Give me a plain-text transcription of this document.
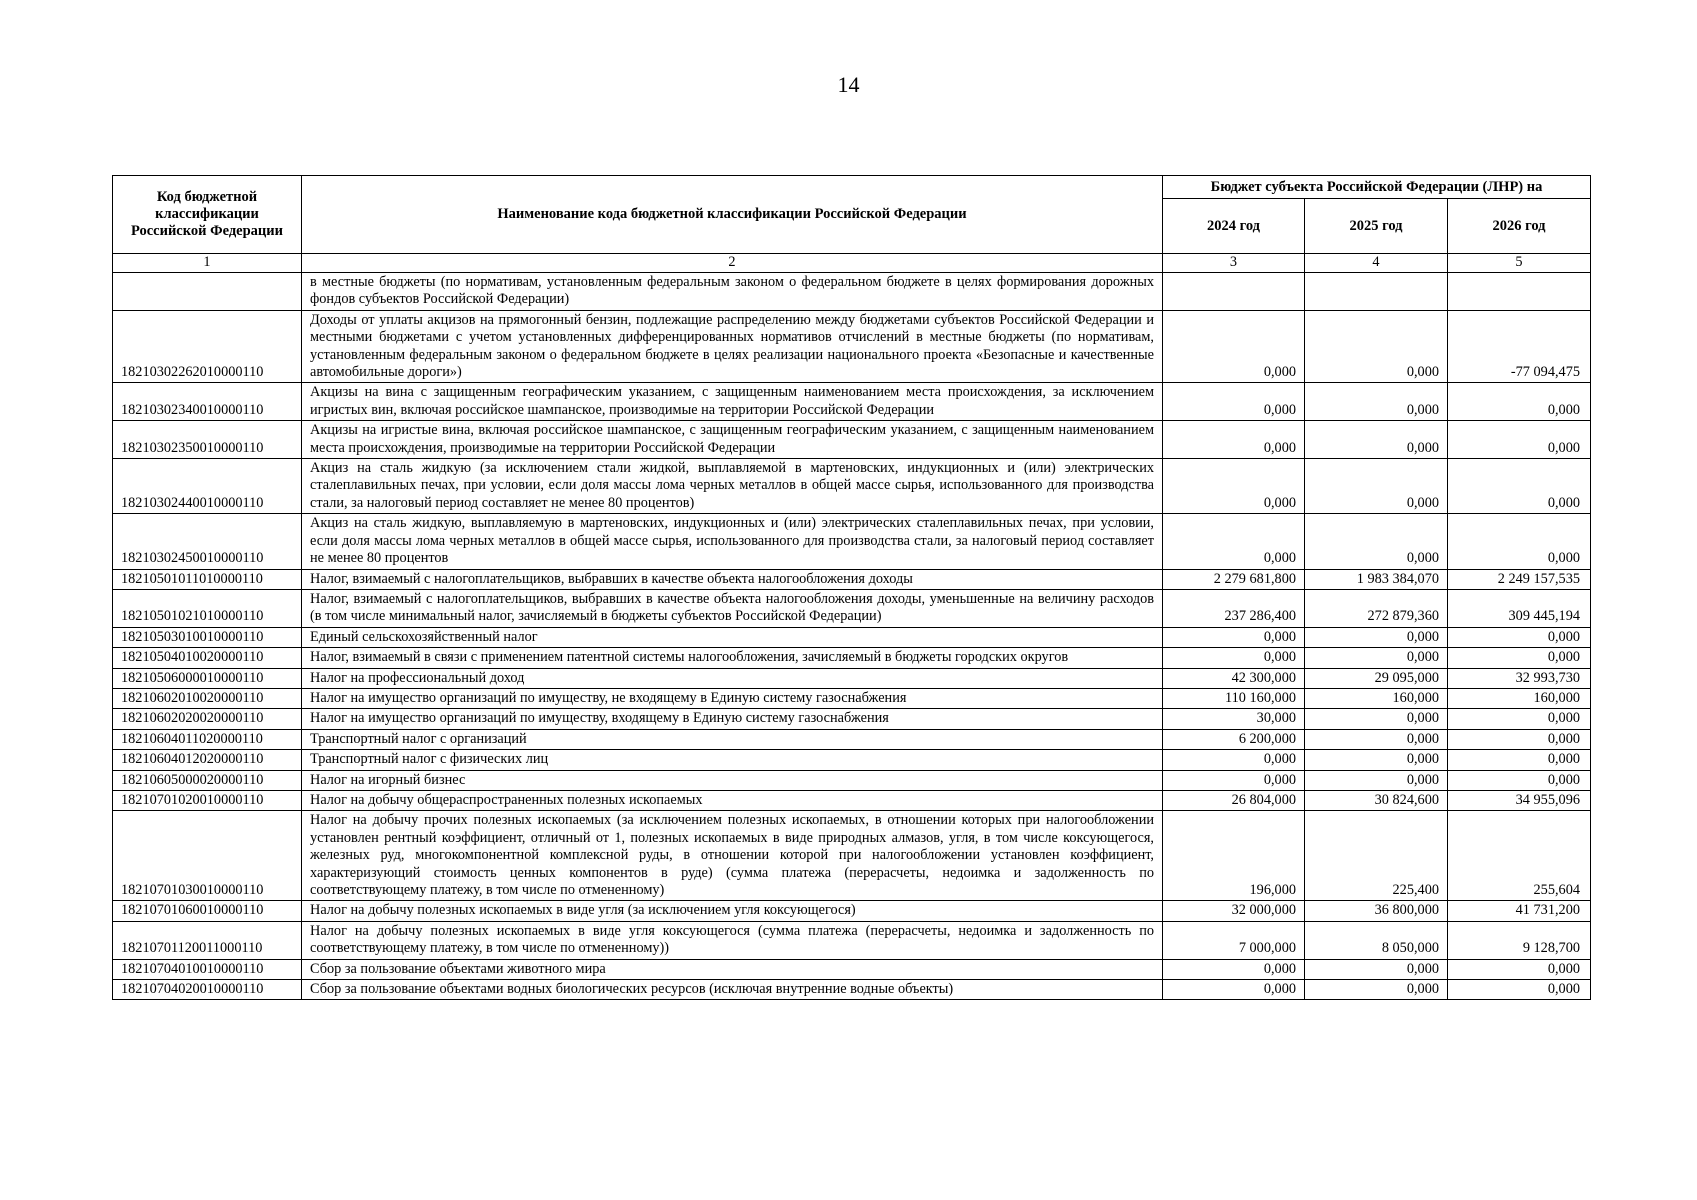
14
Код бюджетной классификации Российской Федерации	Наименование кода бюджетной классификации Российской Федерации	Бюджет субъекта Российской Федерации (ЛНР) на		
		2024 год	2025 год	2026 год
1	2	3	4	5
	в местные бюджеты (по нормативам, установленным федеральным законом о федеральном бюджете в целях формирования дорожных фондов субъектов Российской Федерации)			
18210302262010000110	Доходы от уплаты акцизов на прямогонный бензин, подлежащие распределению между бюджетами субъектов Российской Федерации и местными бюджетами с учетом установленных дифференцированных нормативов отчислений в местные бюджеты (по нормативам, установленным федеральным законом о федеральном бюджете в целях реализации национального проекта «Безопасные и качественные автомобильные дороги»)	0,000	0,000	-77 094,475
18210302340010000110	Акцизы на вина с защищенным географическим указанием, с защищенным наименованием места происхождения, за исключением игристых вин, включая российское шампанское, производимые на территории Российской Федерации	0,000	0,000	0,000
18210302350010000110	Акцизы на игристые вина, включая российское шампанское, с защищенным географическим указанием, с защищенным наименованием места происхождения, производимые на территории Российской Федерации	0,000	0,000	0,000
18210302440010000110	Акциз на сталь жидкую (за исключением стали жидкой, выплавляемой в мартеновских, индукционных и (или) электрических сталеплавильных печах, при условии, если доля массы лома черных металлов в общей массе сырья, использованного для производства стали, за налоговый период составляет не менее 80 процентов)	0,000	0,000	0,000
18210302450010000110	Акциз на сталь жидкую, выплавляемую в мартеновских, индукционных и (или) электрических сталеплавильных печах, при условии, если доля массы лома черных металлов в общей массе сырья, использованного для производства стали, за налоговый период составляет не менее 80 процентов	0,000	0,000	0,000
18210501011010000110	Налог, взимаемый с налогоплательщиков, выбравших в качестве объекта налогообложения доходы	2 279 681,800	1 983 384,070	2 249 157,535
18210501021010000110	Налог, взимаемый с налогоплательщиков, выбравших в качестве объекта налогообложения доходы, уменьшенные на величину расходов (в том числе минимальный налог, зачисляемый в бюджеты субъектов Российской Федерации)	237 286,400	272 879,360	309 445,194
18210503010010000110	Единый сельскохозяйственный налог	0,000	0,000	0,000
18210504010020000110	Налог, взимаемый в связи с применением патентной системы налогообложения, зачисляемый в бюджеты городских округов	0,000	0,000	0,000
18210506000010000110	Налог на профессиональный доход	42 300,000	29 095,000	32 993,730
18210602010020000110	Налог на имущество организаций по имуществу, не входящему в Единую систему газоснабжения	110 160,000	160,000	160,000
18210602020020000110	Налог на имущество организаций по имуществу, входящему в Единую систему газоснабжения	30,000	0,000	0,000
18210604011020000110	Транспортный налог с организаций	6 200,000	0,000	0,000
18210604012020000110	Транспортный налог с физических лиц	0,000	0,000	0,000
18210605000020000110	Налог на игорный бизнес	0,000	0,000	0,000
18210701020010000110	Налог на добычу общераспространенных полезных ископаемых	26 804,000	30 824,600	34 955,096
18210701030010000110	Налог на добычу прочих полезных ископаемых (за исключением полезных ископаемых, в отношении которых при налогообложении установлен рентный коэффициент, отличный от 1, полезных ископаемых в виде природных алмазов, угля, в том числе коксующегося, железных руд, многокомпонентной комплексной руды, в отношении которой при налогообложении установлен коэффициент, характеризующий стоимость ценных компонентов в руде) (сумма платежа (перерасчеты, недоимка и задолженность по соответствующему платежу, в том числе по отмененному)	196,000	225,400	255,604
18210701060010000110	Налог на добычу полезных ископаемых в виде угля (за исключением угля коксующегося)	32 000,000	36 800,000	41 731,200
18210701120011000110	Налог на добычу полезных ископаемых в виде угля коксующегося (сумма платежа (перерасчеты, недоимка и задолженность по соответствующему платежу, в том числе по отмененному))	7 000,000	8 050,000	9 128,700
18210704010010000110	Сбор за пользование объектами животного мира	0,000	0,000	0,000
18210704020010000110	Сбор за пользование объектами водных биологических ресурсов (исключая внутренние водные объекты)	0,000	0,000	0,000
